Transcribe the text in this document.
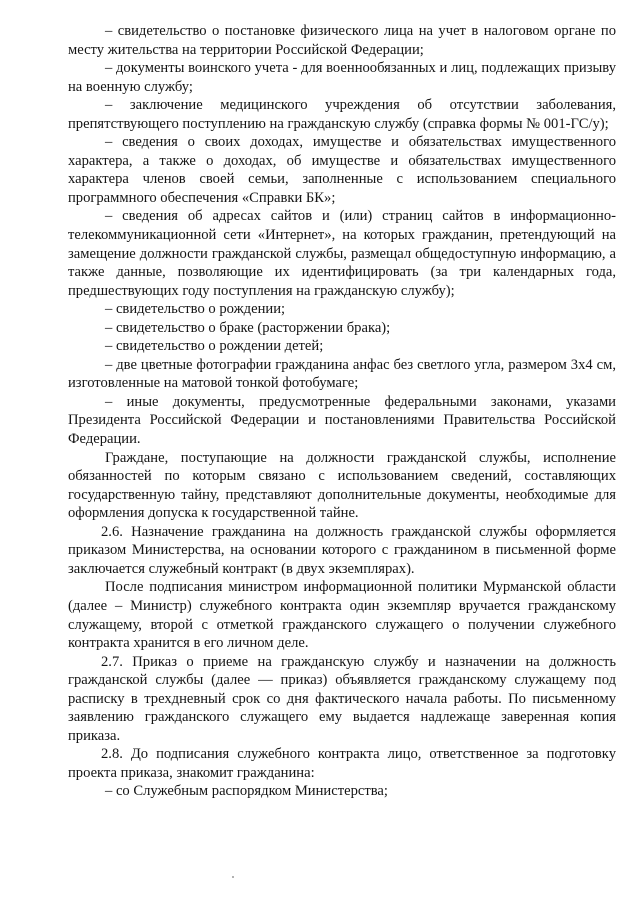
– свидетельство о постановке физического лица на учет в налоговом органе по месту жительства на территории Российской Федерации;

– документы воинского учета - для военнообязанных и лиц, подлежащих призыву на военную службу;

– заключение медицинского учреждения об отсутствии заболевания, препятствующего поступлению на гражданскую службу (справка формы № 001-ГС/у);

– сведения о своих доходах, имуществе и обязательствах имущественного характера, а также о доходах, об имуществе и обязательствах имущественного характера членов своей семьи, заполненные с использованием специального программного обеспечения «Справки БК»;

– сведения об адресах сайтов и (или) страниц сайтов в информационно-телекоммуникационной сети «Интернет», на которых гражданин, претендующий на замещение должности гражданской службы, размещал общедоступную информацию, а также данные, позволяющие их идентифицировать (за три календарных года, предшествующих году поступления на гражданскую службу);

– свидетельство о рождении;

– свидетельство о браке (расторжении брака);

– свидетельство о рождении детей;

– две цветные фотографии гражданина анфас без светлого угла, размером 3х4 см, изготовленные на матовой тонкой фотобумаге;

– иные документы, предусмотренные федеральными законами, указами Президента Российской Федерации и постановлениями Правительства Российской Федерации.

Граждане, поступающие на должности гражданской службы, исполнение обязанностей по которым связано с использованием сведений, составляющих государственную тайну, представляют дополнительные документы, необходимые для оформления допуска к государственной тайне.

2.6. Назначение гражданина на должность гражданской службы оформляется приказом Министерства, на основании которого с гражданином в письменной форме заключается служебный контракт (в двух экземплярах).

После подписания министром информационной политики Мурманской области (далее – Министр) служебного контракта один экземпляр вручается гражданскому служащему, второй с отметкой гражданского служащего о получении служебного контракта хранится в его личном деле.

2.7. Приказ о приеме на гражданскую службу и назначении на должность гражданской службы (далее — приказ) объявляется гражданскому служащему под расписку в трехдневный срок со дня фактического начала работы. По письменному заявлению гражданского служащего ему выдается надлежаще заверенная копия приказа.

2.8. До подписания служебного контракта лицо, ответственное за подготовку проекта приказа, знакомит гражданина:

– со Служебным распорядком Министерства;
